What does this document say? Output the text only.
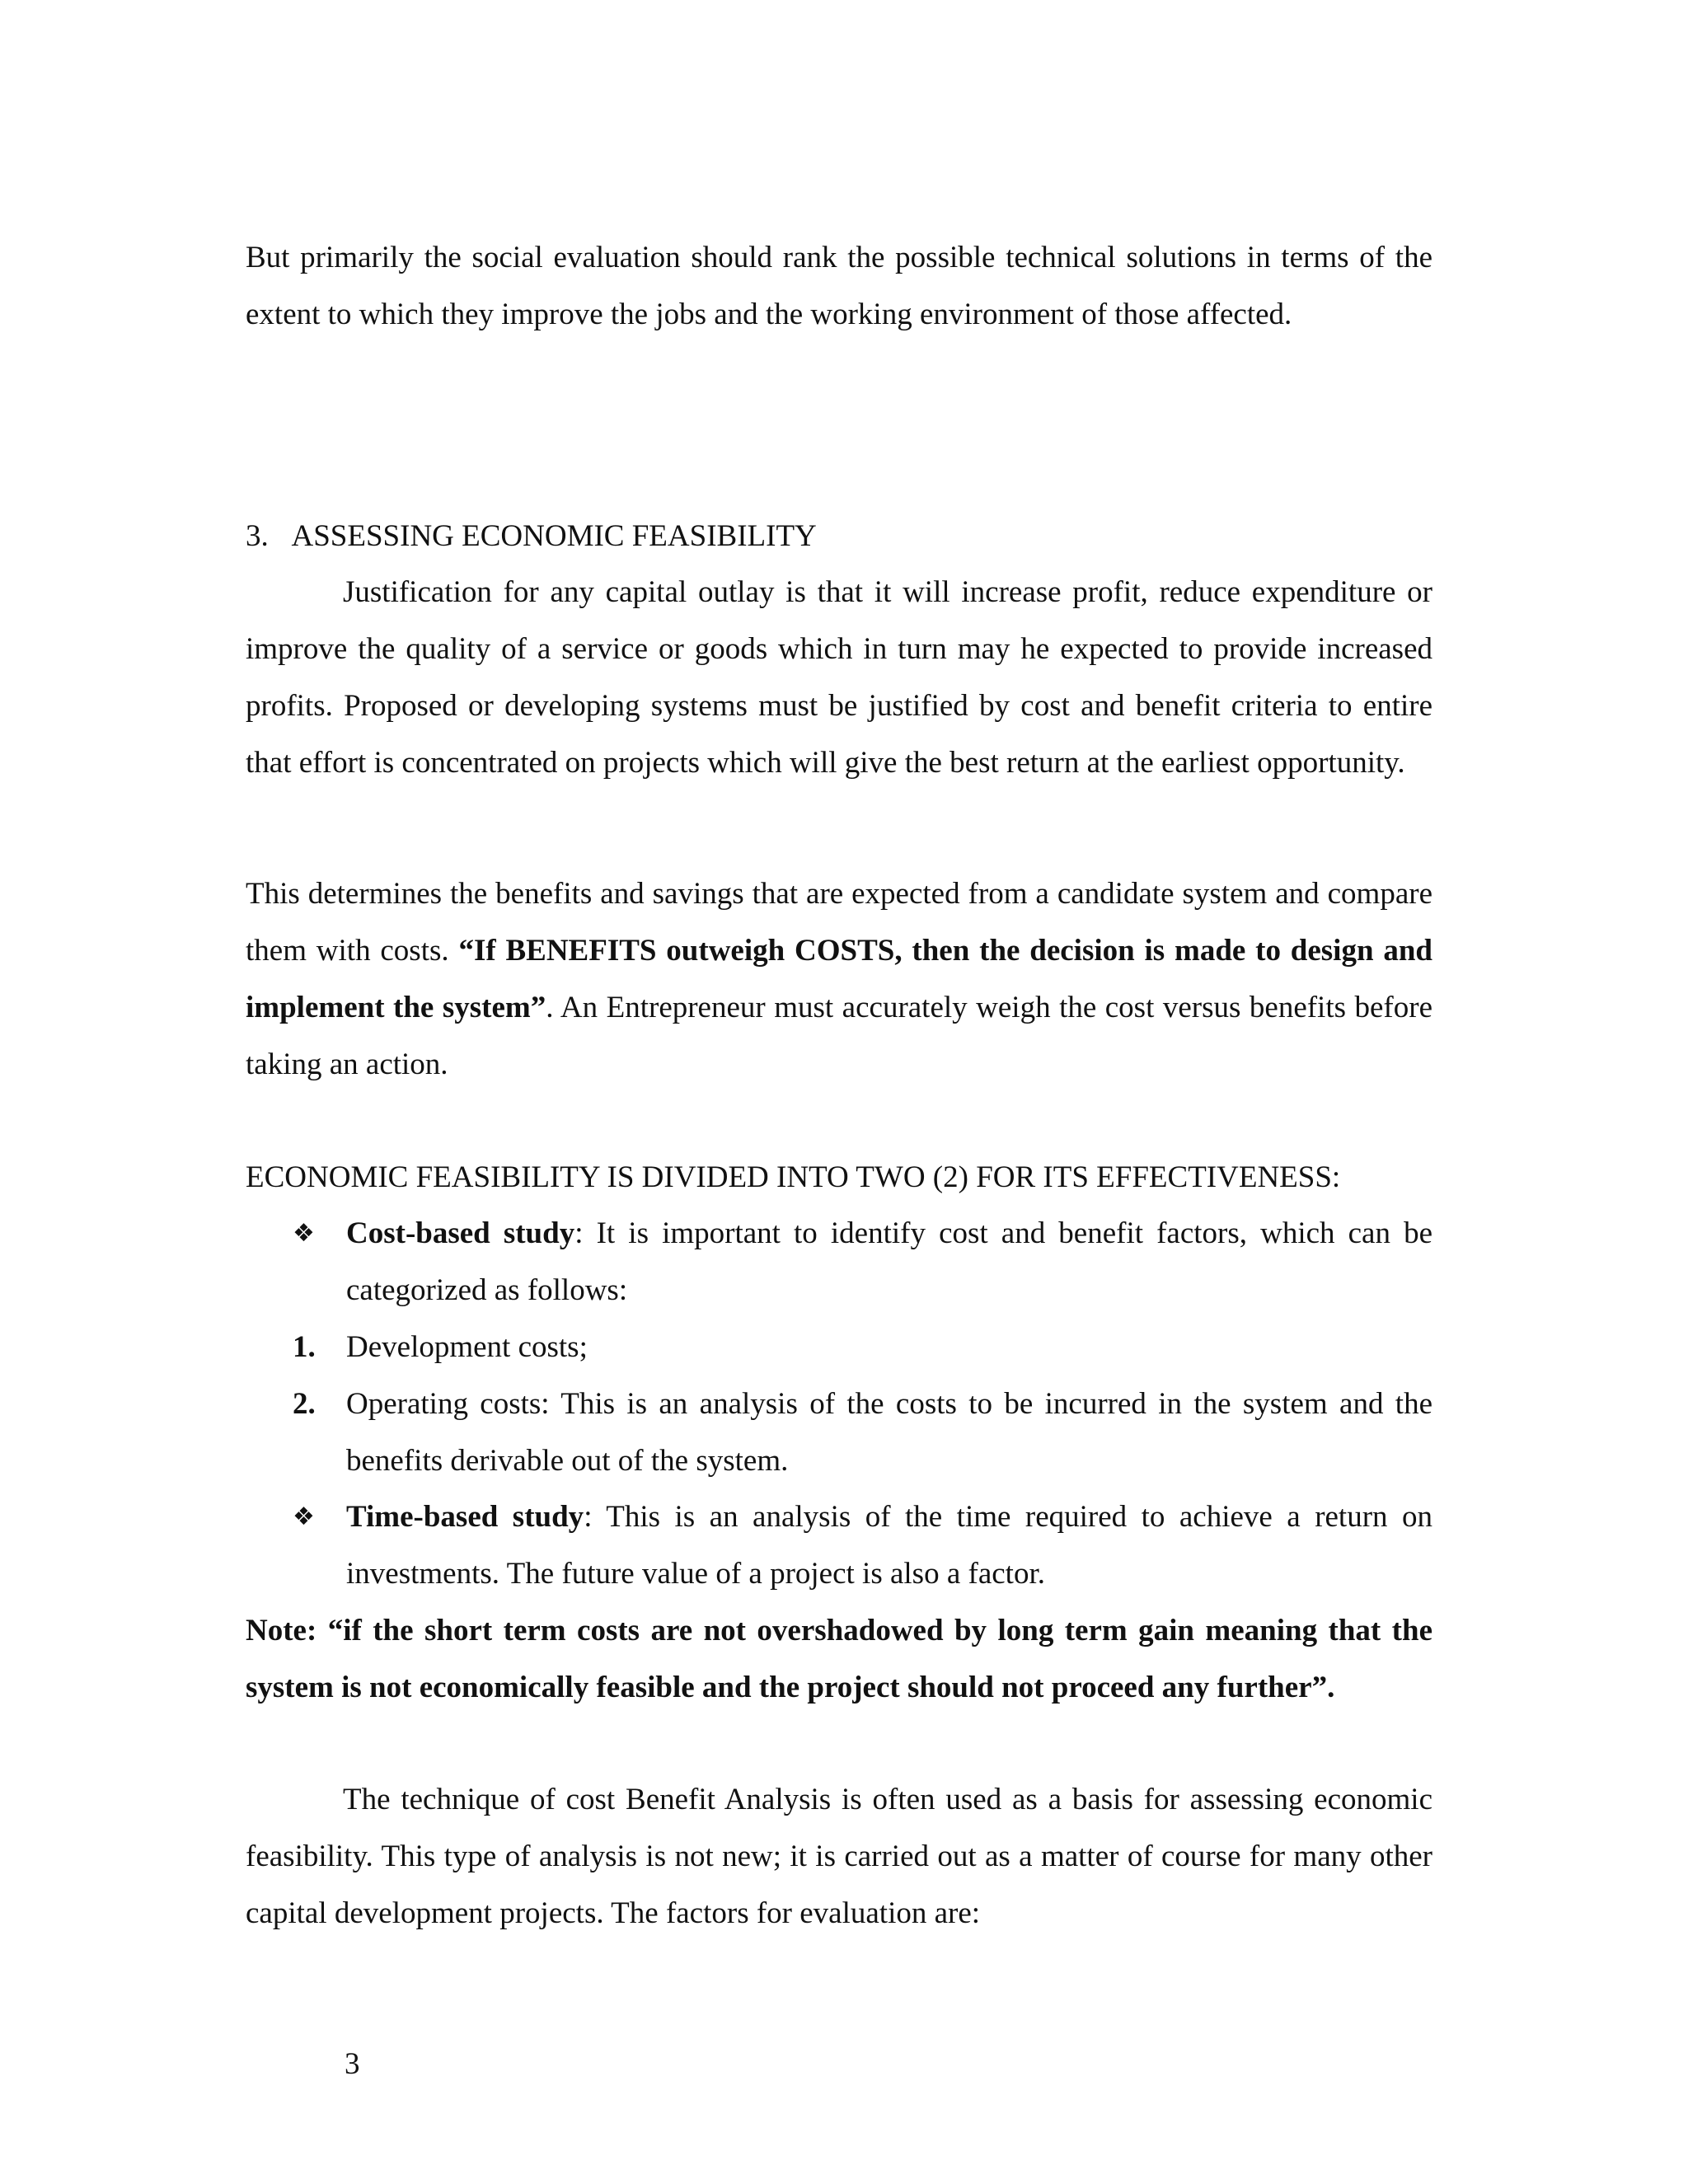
But primarily the social evaluation should rank the possible technical solutions in terms of the extent to which they improve the jobs and the working environment of those affected.

3. ASSESSING ECONOMIC FEASIBILITY

Justification for any capital outlay is that it will increase profit, reduce expenditure or improve the quality of a service or goods which in turn may he expected to provide increased profits. Proposed or developing systems must be justified by cost and benefit criteria to entire that effort is concentrated on projects which will give the best return at the earliest opportunity.

This determines the benefits and savings that are expected from a candidate system and compare them with costs. “If BENEFITS outweigh COSTS, then the decision is made to design and implement the system”. An Entrepreneur must accurately weigh the cost versus benefits before taking an action.

ECONOMIC FEASIBILITY IS DIVIDED INTO TWO (2) FOR ITS EFFECTIVENESS:

❖	Cost-based study: It is important to identify cost and benefit factors, which can be categorized as follows:
1.	Development costs;
2.	Operating costs: This is an analysis of the costs to be incurred in the system and the benefits derivable out of the system.
❖	Time-based study: This is an analysis of the time required to achieve a return on investments. The future value of a project is also a factor.

Note: “if the short term costs are not overshadowed by long term gain meaning that the system is not economically feasible and the project should not proceed any further”.

The technique of cost Benefit Analysis is often used as a basis for assessing economic feasibility. This type of analysis is not new; it is carried out as a matter of course for many other capital development projects. The factors for evaluation are:

3
